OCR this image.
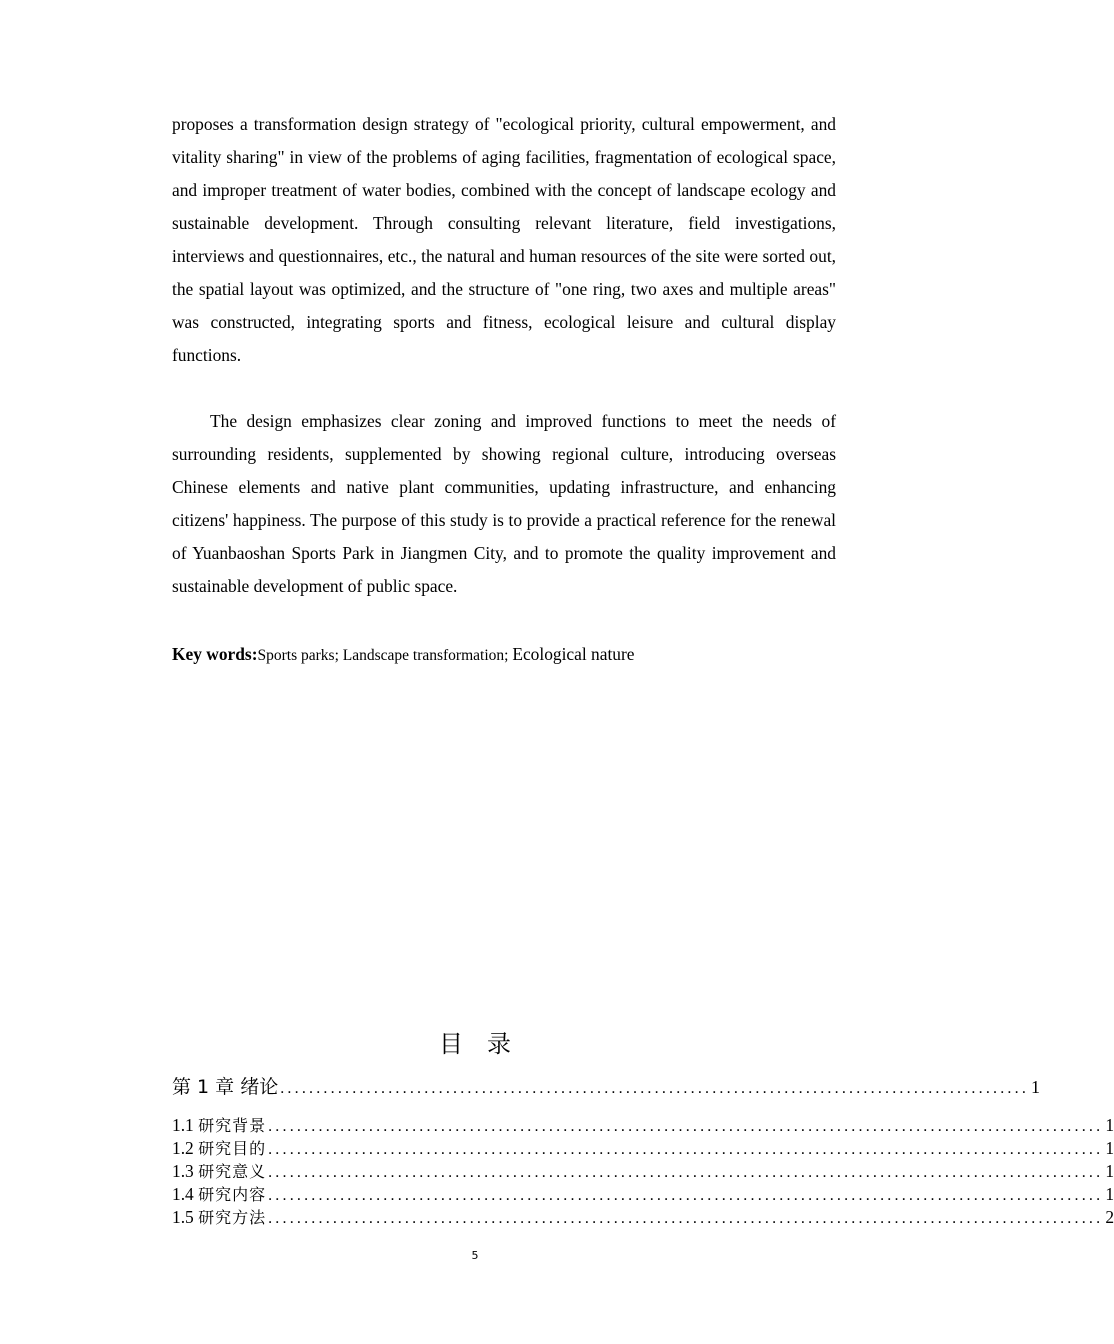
proposes a transformation design strategy of "ecological priority, cultural empowerment, and vitality sharing" in view of the problems of aging facilities, fragmentation of ecological space, and improper treatment of water bodies, combined with the concept of landscape ecology and sustainable development. Through consulting relevant literature, field investigations, interviews and questionnaires, etc., the natural and human resources of the site were sorted out, the spatial layout was optimized, and the structure of "one ring, two axes and multiple areas" was constructed, integrating sports and fitness, ecological leisure and cultural display functions.

The design emphasizes clear zoning and improved functions to meet the needs of surrounding residents, supplemented by showing regional culture, introducing overseas Chinese elements and native plant communities, updating infrastructure, and enhancing citizens' happiness. The purpose of this study is to provide a practical reference for the renewal of Yuanbaoshan Sports Park in Jiangmen City, and to promote the quality improvement and sustainable development of public space.

Key words:Sports parks; Landscape transformation; Ecological nature

目录
第 1 章 绪论 ........................................................................................................ 1
1.1 研究背景 .................................................................................................................... 1
1.2 研究目的 .................................................................................................................... 1
1.3 研究意义 .................................................................................................................... 1
1.4 研究内容 .................................................................................................................... 1
1.5 研究方法 .................................................................................................................... 2
5
